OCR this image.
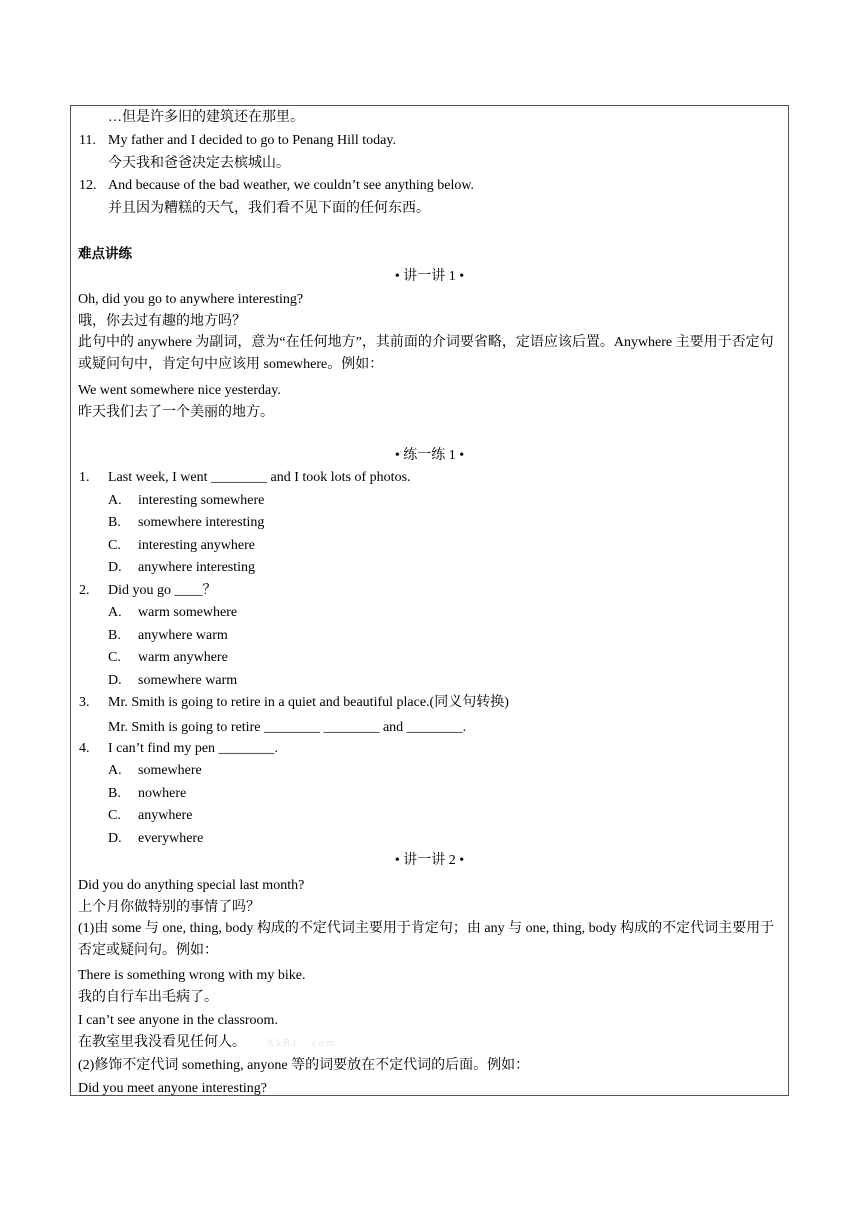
…但是许多旧的建筑还在那里。
11. My father and I decided to go to Penang Hill today.
今天我和爸爸决定去槟城山。
12. And because of the bad weather, we couldn’t see anything below.
并且因为糟糕的天气，我们看不见下面的任何东西。
难点讲练
• 讲一讲 1 •
Oh, did you go to anywhere interesting?
哦，你去过有趣的地方吗？
此句中的 anywhere 为副词，意为“在任何地方”，其前面的介词要省略，定语应该后置。Anywhere 主要用于否定句或疑问句中，肯定句中应该用 somewhere。例如：
We went somewhere nice yesterday.
昨天我们去了一个美丽的地方。
• 练一练 1 •
1. Last week, I went ________ and I took lots of photos.
A. interesting somewhere
B. somewhere interesting
C. interesting anywhere
D. anywhere interesting
2. Did you go ____？
A. warm somewhere
B. anywhere warm
C. warm anywhere
D. somewhere warm
3. Mr. Smith is going to retire in a quiet and beautiful place.(同义句转换)
Mr. Smith is going to retire ________ ________ and ________.
4. I can’t find my pen ________.
A. somewhere
B. nowhere
C. anywhere
D. everywhere
• 讲一讲 2 •
Did you do anything special last month?
上个月你做特别的事情了吗？
(1)由 some 与 one, thing, body 构成的不定代词主要用于肯定句；由 any 与 one, thing, body 构成的不定代词主要用于否定或疑问句。例如：
There is something wrong with my bike.
我的自行车出毛病了。
I can’t see anyone in the classroom.
在教室里我没看见任何人。 XkB1 . com
(2)修饰不定代词 something, anyone 等的词要放在不定代词的后面。例如：
Did you meet anyone interesting?
